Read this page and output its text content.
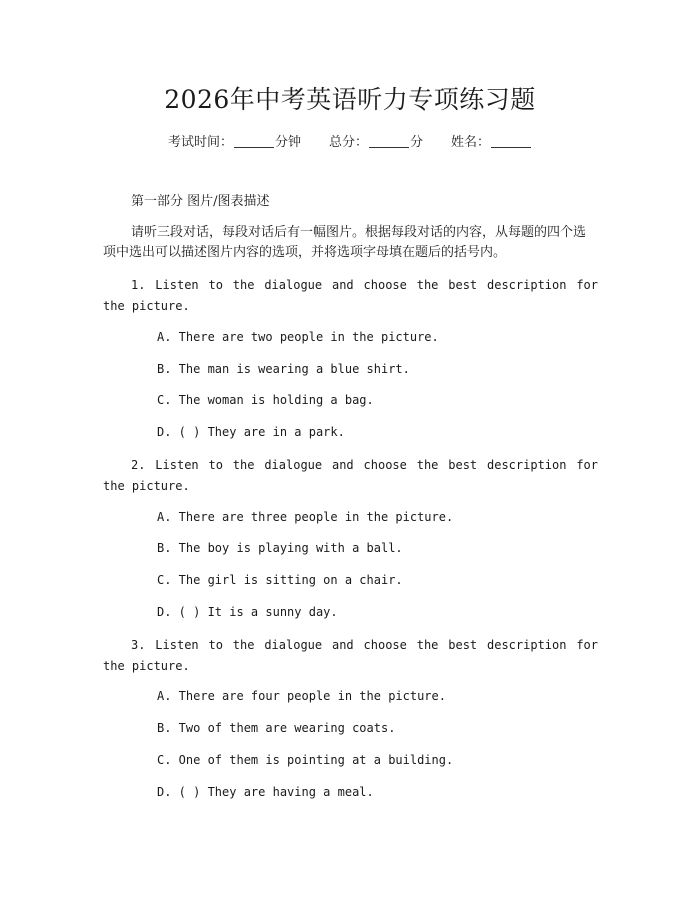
2026年中考英语听力专项练习题
考试时间：	分钟 总分：	分 姓名：
第一部分 图片/图表描述
请听三段对话，每段对话后有一幅图片。根据每段对话的内容，从每题的四个选项中选出可以描述图片内容的选项，并将选项字母填在题后的括号内。
1. Listen to the dialogue and choose the best description for the picture.
A. There are two people in the picture.
B. The man is wearing a blue shirt.
C. The woman is holding a bag.
D. ( ) They are in a park.
2. Listen to the dialogue and choose the best description for the picture.
A. There are three people in the picture.
B. The boy is playing with a ball.
C. The girl is sitting on a chair.
D. ( ) It is a sunny day.
3. Listen to the dialogue and choose the best description for the picture.
A. There are four people in the picture.
B. Two of them are wearing coats.
C. One of them is pointing at a building.
D. ( ) They are having a meal.
